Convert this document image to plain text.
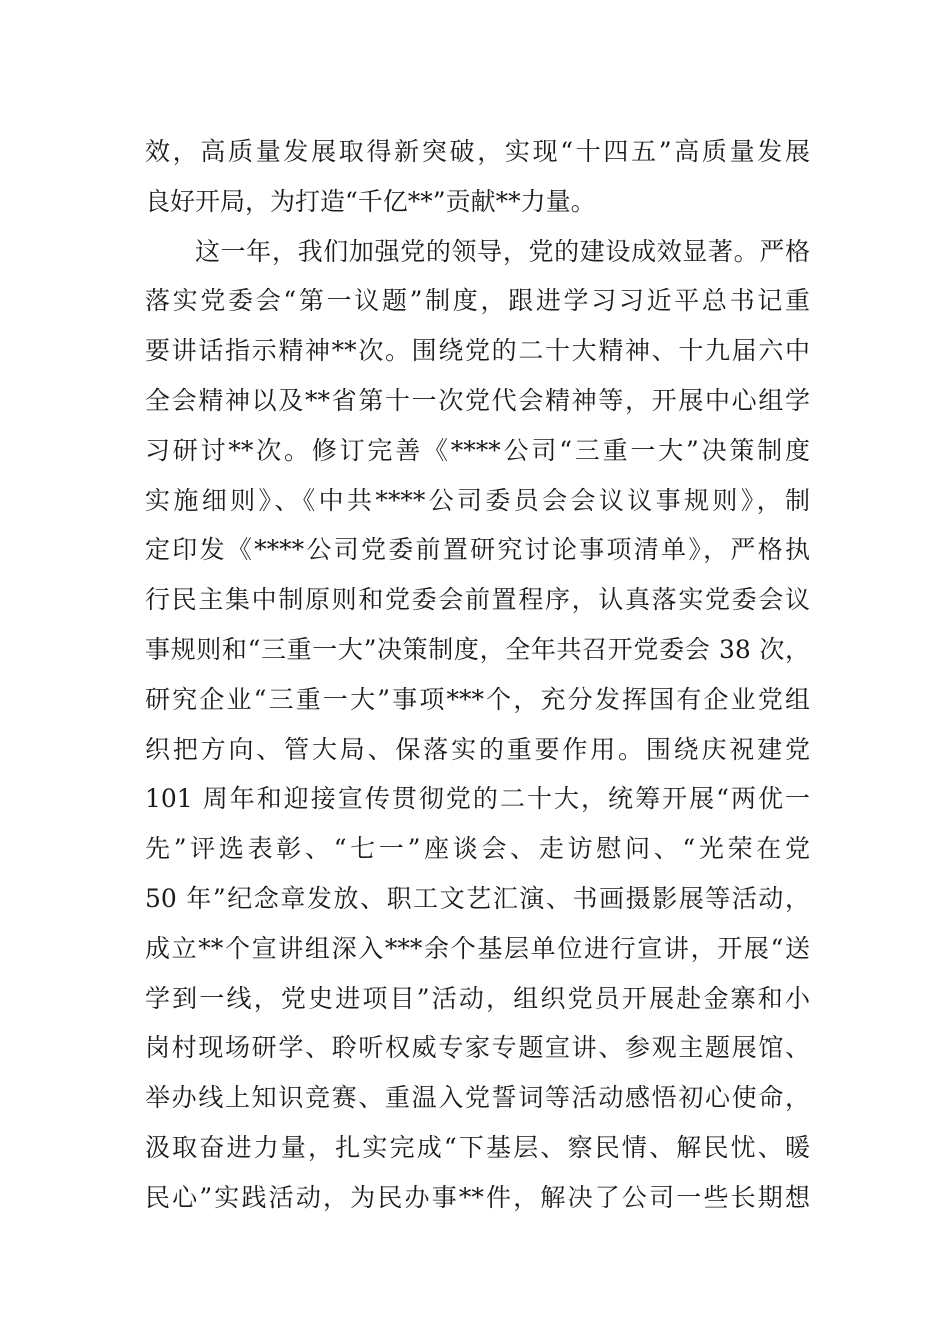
效，高质量发展取得新突破，实现“十四五”高质量发展
良好开局，为打造“千亿**”贡献**力量。
这一年，我们加强党的领导，党的建设成效显著。严格
落实党委会“第一议题”制度，跟进学习习近平总书记重
要讲话指示精神**次。围绕党的二十大精神、十九届六中
全会精神以及**省第十一次党代会精神等，开展中心组学
习研讨**次。修订完善《****公司“三重一大”决策制度
实施细则》、《中共****公司委员会会议议事规则》，制
定印发《****公司党委前置研究讨论事项清单》，严格执
行民主集中制原则和党委会前置程序，认真落实党委会议
事规则和“三重一大”决策制度，全年共召开党委会 38 次，
研究企业“三重一大”事项***个，充分发挥国有企业党组
织把方向、管大局、保落实的重要作用。围绕庆祝建党
101 周年和迎接宣传贯彻党的二十大，统筹开展“两优一
先”评选表彰、“七一”座谈会、走访慰问、“光荣在党
50 年”纪念章发放、职工文艺汇演、书画摄影展等活动，
成立**个宣讲组深入***余个基层单位进行宣讲，开展“送
学到一线，党史进项目”活动，组织党员开展赴金寨和小
岗村现场研学、聆听权威专家专题宣讲、参观主题展馆、
举办线上知识竞赛、重温入党誓词等活动感悟初心使命，
汲取奋进力量，扎实完成“下基层、察民情、解民忧、暖
民心”实践活动，为民办事**件，解决了公司一些长期想
